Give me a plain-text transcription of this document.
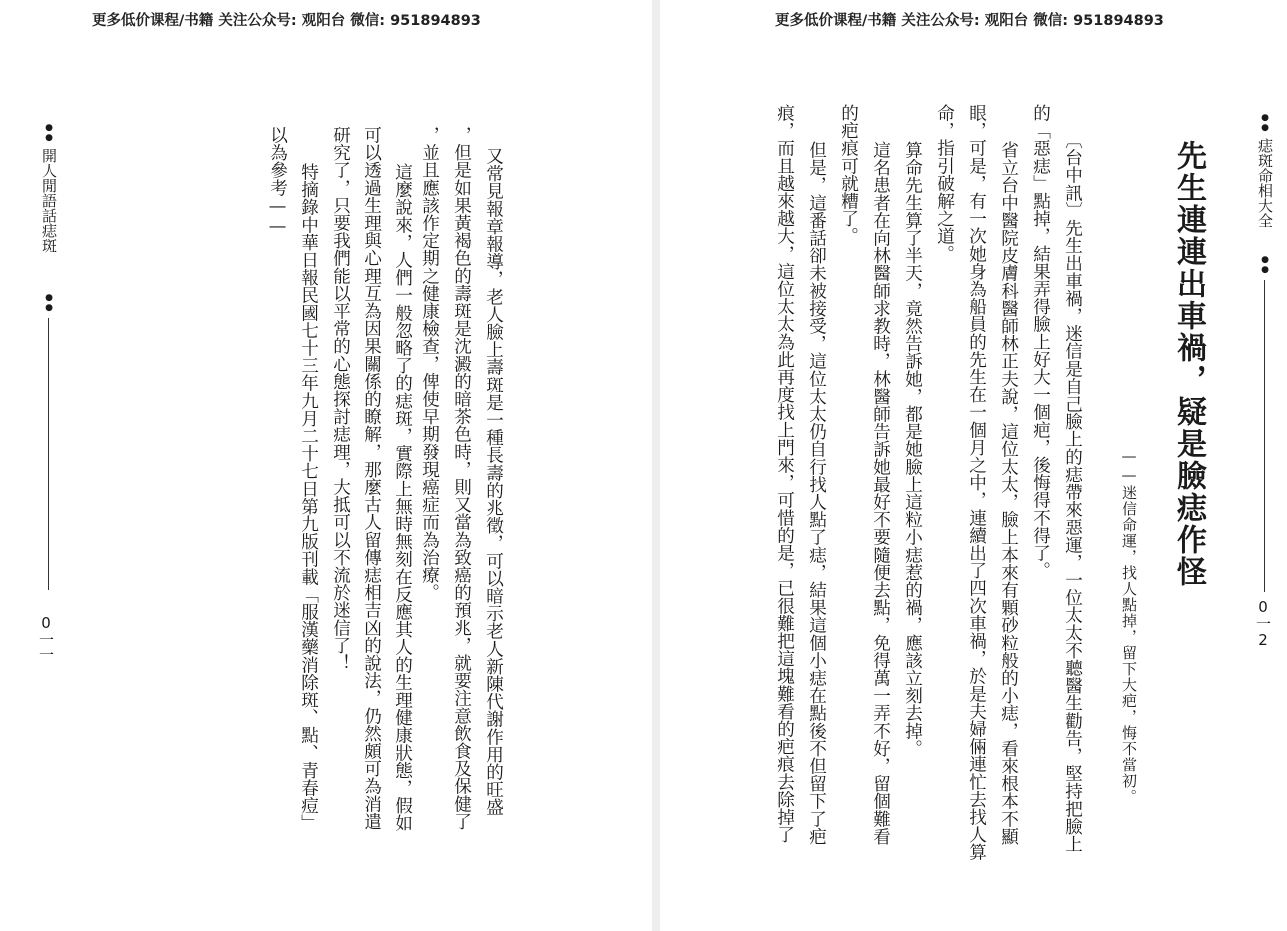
更多低价课程/书籍 关注公众号: 观阳台 微信: 951894893
●
●
開人閒語話痣斑
●
●
0一一	又常見報章報導，老人臉上壽斑是一種長壽的兆徵，可以暗示老人新陳代謝作用的旺盛
，但是如果黃褐色的壽斑是沈澱的暗茶色時，則又當為致癌的預兆，就要注意飲食及保健了
，並且應該作定期之健康檢查，俾使早期發現癌症而為治療。
這麼說來，人們一般忽略了的痣斑，實際上無時無刻在反應其人的生理健康狀態，假如
可以透過生理與心理互為因果關係的瞭解，那麼古人留傳痣相吉凶的說法，仍然頗可為消遣
研究了，只要我們能以平常的心態探討痣理，大抵可以不流於迷信了！
特摘錄中華日報民國七十三年九月二十七日第九版刊載「服漢藥消除斑、點、青春痘」
以為參考——
更多低价课程/书籍 关注公众号: 观阳台 微信: 951894893
●
●
痣斑命相大全
●
●
0一2
先生連連出車禍，疑是臉痣作怪
——迷信命運，找人點掉，留下大疤，悔不當初。
〔台中訊〕先生出車禍，迷信是自己臉上的痣帶來惡運，一位太太不聽醫生勸告，堅持把臉上
的「惡痣」點掉，結果弄得臉上好大一個疤，後悔得不得了。
省立台中醫院皮膚科醫師林正夫說，這位太太，臉上本來有顆砂粒般的小痣，看來根本不顯
眼，可是，有一次她身為船員的先生在一個月之中，連續出了四次車禍，於是夫婦倆連忙去找人算
命，指引破解之道。
算命先生算了半天，竟然告訴她，都是她臉上這粒小痣惹的禍，應該立刻去掉。
這名患者在向林醫師求教時，林醫師告訴她最好不要隨便去點，免得萬一弄不好，留個難看
的疤痕可就糟了。
但是，這番話卻未被接受，這位太太仍自行找人點了痣，結果這個小痣在點後不但留下了疤
痕，而且越來越大，這位太太為此再度找上門來，可惜的是，已很難把這塊難看的疤痕去除掉了
